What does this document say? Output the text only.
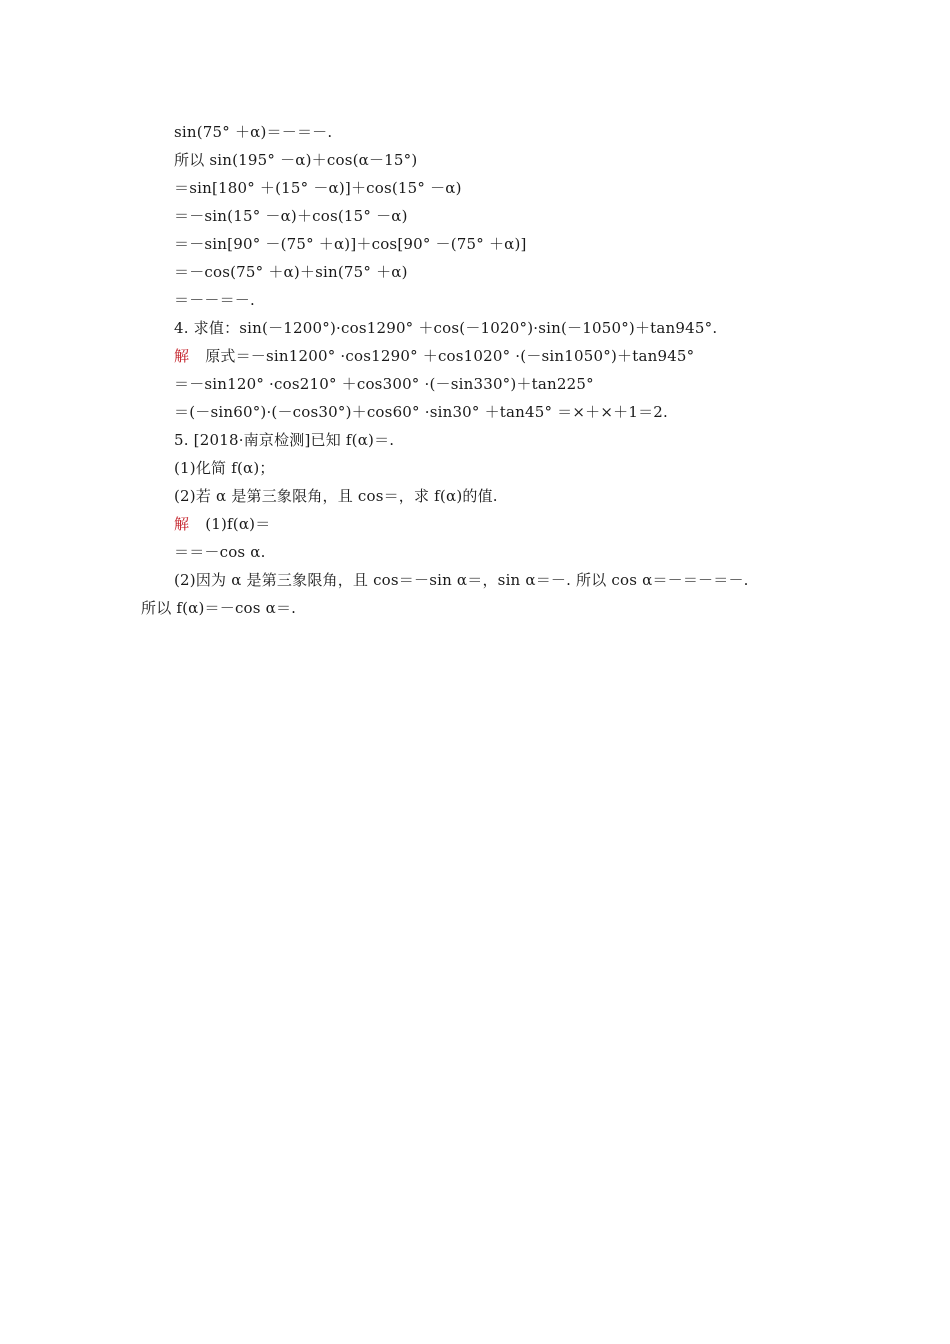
sin(75° ＋α)＝－＝－.
所以 sin(195° －α)＋cos(α－15°)
＝sin[180° ＋(15° －α)]＋cos(15° －α)
＝－sin(15° －α)＋cos(15° －α)
＝－sin[90° －(75° ＋α)]＋cos[90° －(75° ＋α)]
＝－cos(75° ＋α)＋sin(75° ＋α)
＝－－＝－.
4. 求值：sin(－1200°)·cos1290° ＋cos(－1020°)·sin(－1050°)＋tan945°.
解 原式＝－sin1200° ·cos1290° ＋cos1020° ·(－sin1050°)＋tan945°
＝－sin120° ·cos210° ＋cos300° ·(－sin330°)＋tan225°
＝(－sin60°)·(－cos30°)＋cos60° ·sin30° ＋tan45° ＝×＋×＋1＝2.
5. [2018·南京检测]已知 f(α)＝.
(1)化简 f(α)；
(2)若 α 是第三象限角，且 cos＝，求 f(α)的值.
解 (1)f(α)＝
＝＝－cos α.
(2)因为 α 是第三象限角，且 cos＝－sin α＝，sin α＝－. 所以 cos α＝－＝－＝－.
所以 f(α)＝－cos α＝.
